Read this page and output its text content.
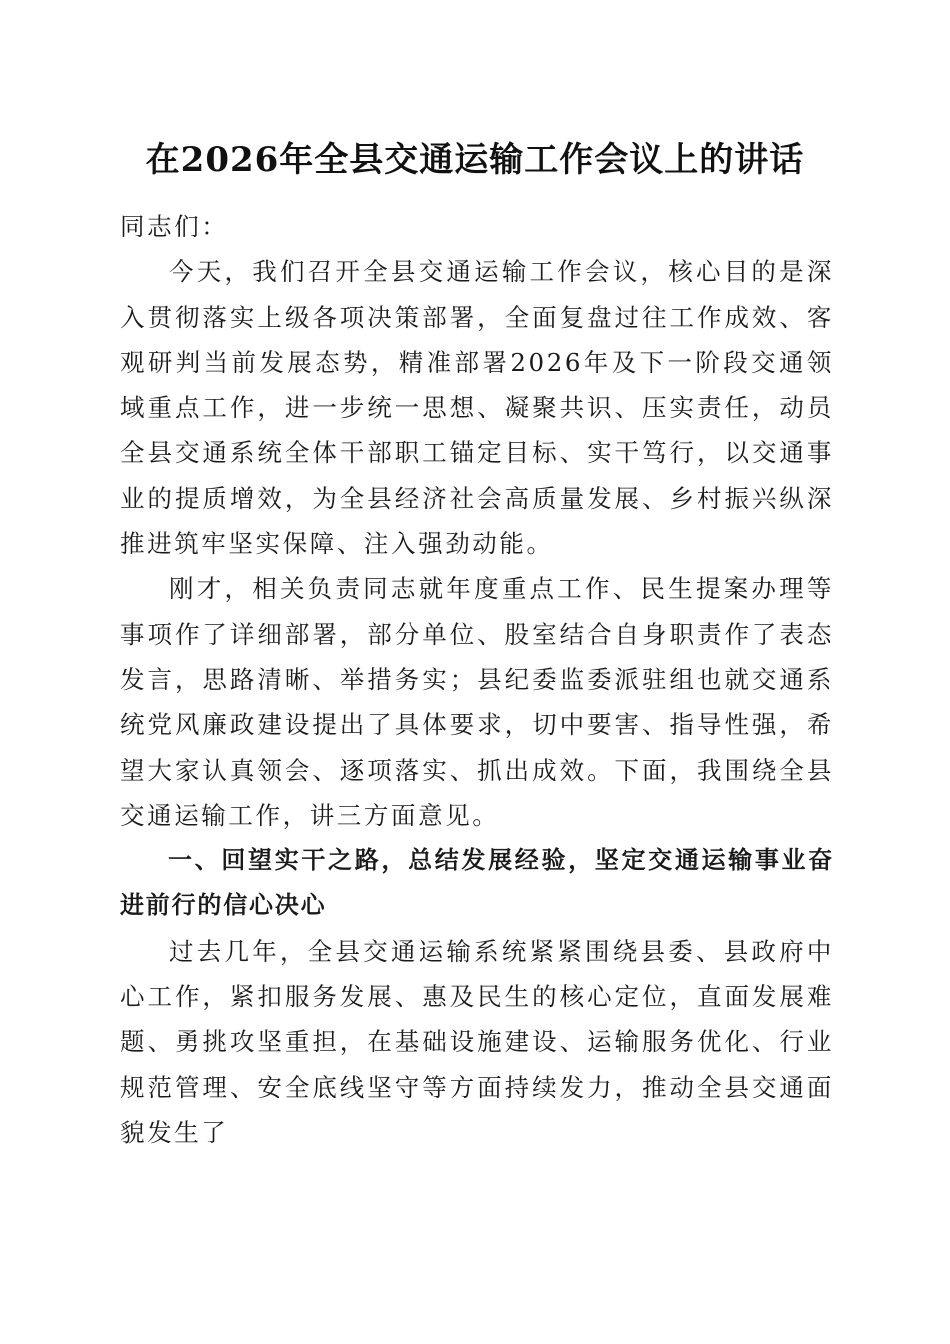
在2026年全县交通运输工作会议上的讲话

同志们：

今天，我们召开全县交通运输工作会议，核心目的是深入贯彻落实上级各项决策部署，全面复盘过往工作成效、客观研判当前发展态势，精准部署2026年及下一阶段交通领域重点工作，进一步统一思想、凝聚共识、压实责任，动员全县交通系统全体干部职工锚定目标、实干笃行，以交通事业的提质增效，为全县经济社会高质量发展、乡村振兴纵深推进筑牢坚实保障、注入强劲动能。

刚才，相关负责同志就年度重点工作、民生提案办理等事项作了详细部署，部分单位、股室结合自身职责作了表态发言，思路清晰、举措务实；县纪委监委派驻组也就交通系统党风廉政建设提出了具体要求，切中要害、指导性强，希望大家认真领会、逐项落实、抓出成效。下面，我围绕全县交通运输工作，讲三方面意见。

一、回望实干之路，总结发展经验，坚定交通运输事业奋进前行的信心决心

过去几年，全县交通运输系统紧紧围绕县委、县政府中心工作，紧扣服务发展、惠及民生的核心定位，直面发展难题、勇挑攻坚重担，在基础设施建设、运输服务优化、行业规范管理、安全底线坚守等方面持续发力，推动全县交通面貌发生了
